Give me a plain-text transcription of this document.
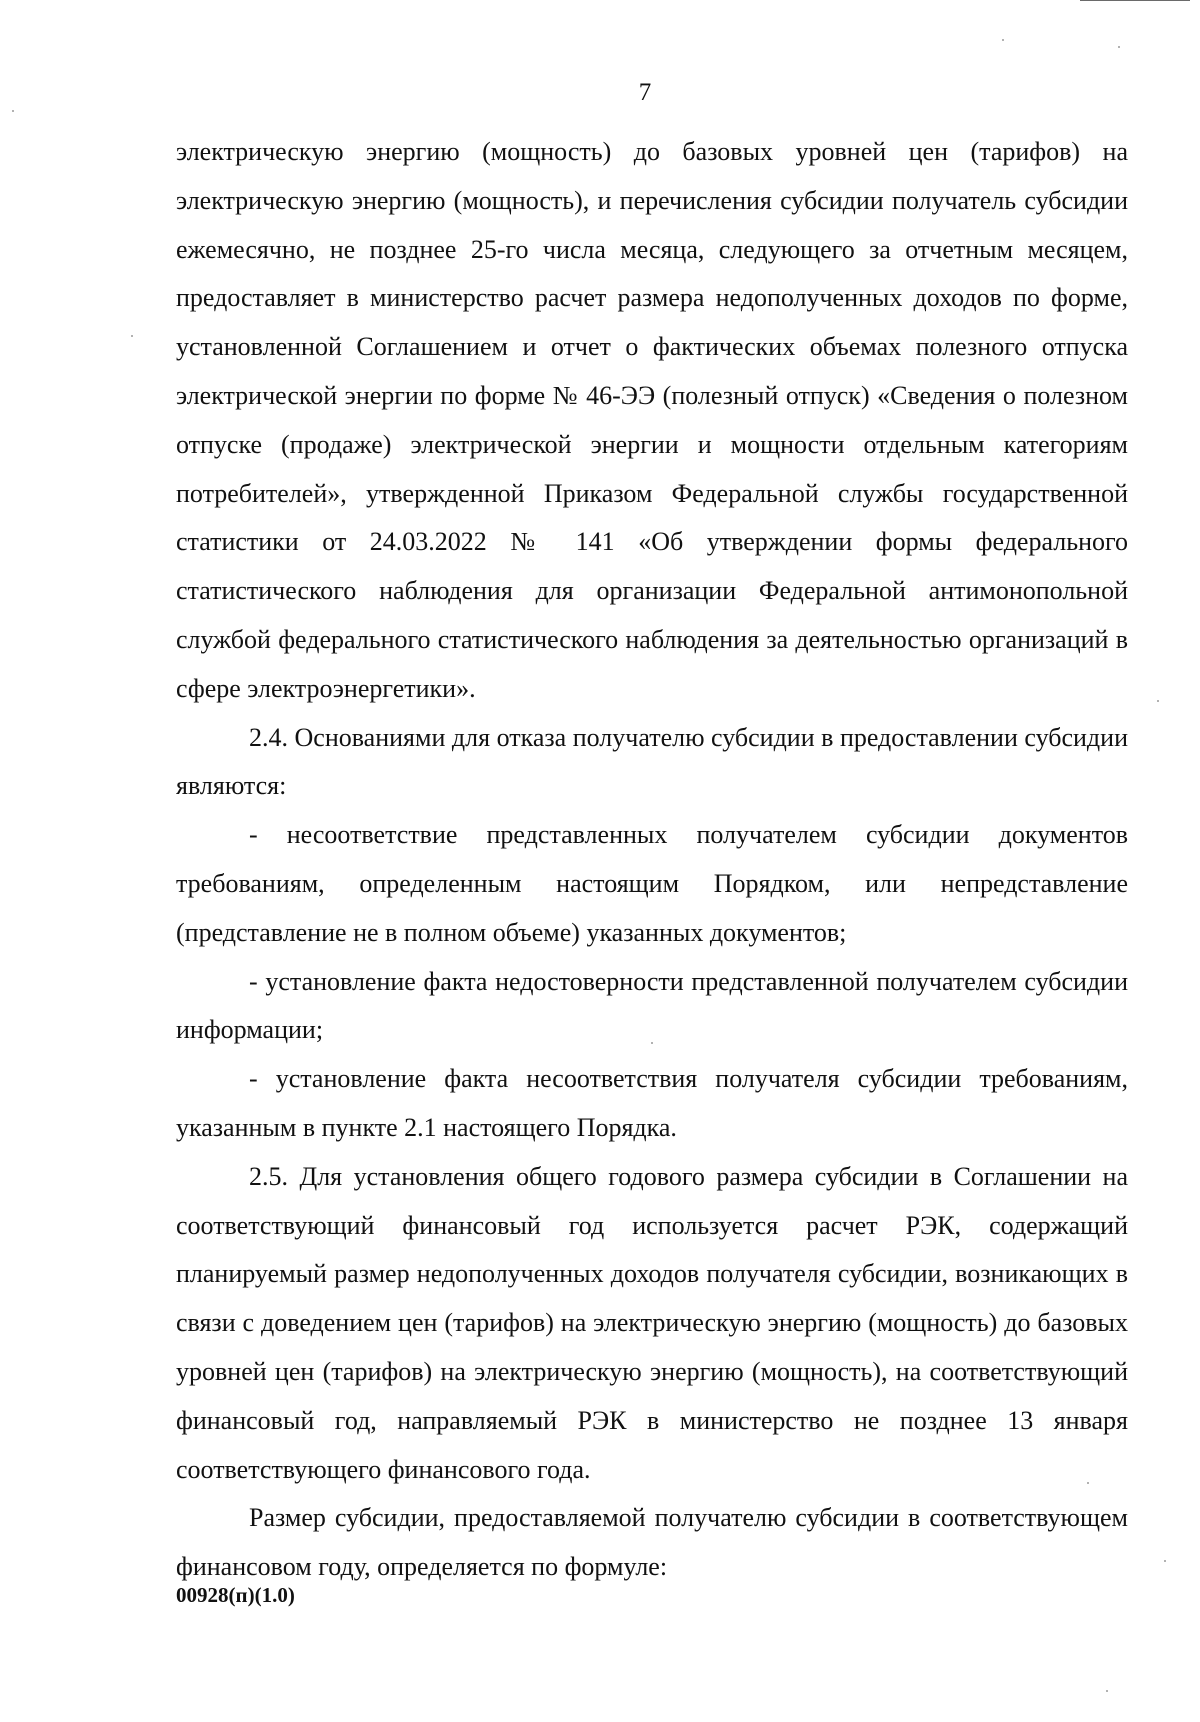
7

электрическую энергию (мощность) до базовых уровней цен (тарифов) на электрическую энергию (мощность), и перечисления субсидии получатель субсидии ежемесячно, не позднее 25-го числа месяца, следующего за отчетным месяцем, предоставляет в министерство расчет размера недополученных доходов по форме, установленной Соглашением и отчет о фактических объемах полезного отпуска электрической энергии по форме № 46-ЭЭ (полезный отпуск) «Сведения о полезном отпуске (продаже) электрической энергии и мощности отдельным категориям потребителей», утвержденной Приказом Федеральной службы государственной статистики от 24.03.2022 № 141 «Об утверждении формы федерального статистического наблюдения для организации Федеральной антимонопольной службой федерального статистического наблюдения за деятельностью организаций в сфере электроэнергетики».

2.4. Основаниями для отказа получателю субсидии в предоставлении субсидии являются:

- несоответствие представленных получателем субсидии документов требованиям, определенным настоящим Порядком, или непредставление (представление не в полном объеме) указанных документов;

- установление факта недостоверности представленной получателем субсидии информации;

- установление факта несоответствия получателя субсидии требованиям, указанным в пункте 2.1 настоящего Порядка.

2.5. Для установления общего годового размера субсидии в Соглашении на соответствующий финансовый год используется расчет РЭК, содержащий планируемый размер недополученных доходов получателя субсидии, возникающих в связи с доведением цен (тарифов) на электрическую энергию (мощность) до базовых уровней цен (тарифов) на электрическую энергию (мощность), на соответствующий финансовый год, направляемый РЭК в министерство не позднее 13 января соответствующего финансового года.

Размер субсидии, предоставляемой получателю субсидии в соответствующем финансовом году, определяется по формуле:

00928(п)(1.0)
